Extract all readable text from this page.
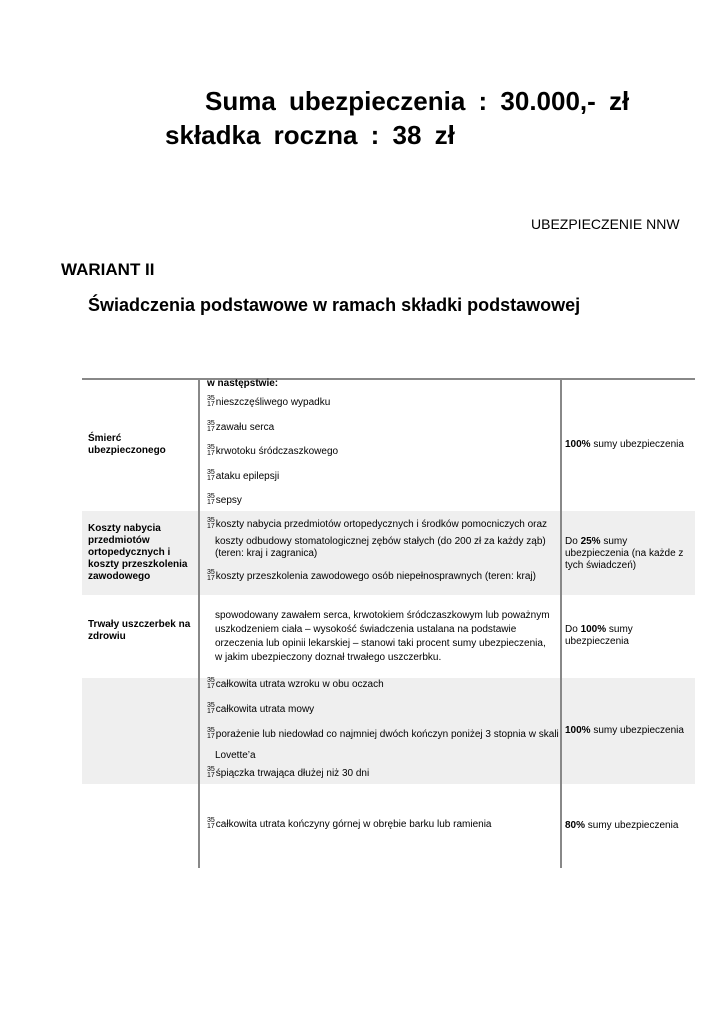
Suma ubezpieczenia : 30.000,- zł
składka roczna : 38 zł
UBEZPIECZENIE NNW
WARIANT II
Świadczenia podstawowe w ramach składki podstawowej
Śmierć ubezpieczonego
w następstwie:
35
17 nieszczęśliwego wypadku
35
17 zawału serca
35
17 krwotoku śródczaszkowego
35
17 ataku epilepsji
35
17 sepsy
100% sumy ubezpieczenia
Koszty nabycia przedmiotów ortopedycznych i koszty przeszkolenia zawodowego
35
17 koszty nabycia przedmiotów ortopedycznych i środków pomocniczych oraz
koszty odbudowy stomatologicznej zębów stałych (do 200 zł za każdy ząb)
(teren: kraj i zagranica)
35
17 koszty przeszkolenia zawodowego osób niepełnosprawnych (teren: kraj)
Do 25% sumy ubezpieczenia (na każde z tych świadczeń)
Trwały uszczerbek na zdrowiu
spowodowany zawałem serca, krwotokiem śródczaszkowym lub poważnym uszkodzeniem ciała – wysokość świadczenia ustalana na podstawie orzeczenia lub opinii lekarskiej – stanowi taki procent sumy ubezpieczenia, w jakim ubezpieczony doznał trwałego uszczerbku.
Do 100% sumy ubezpieczenia
35
17 całkowita utrata wzroku w obu oczach
35
17 całkowita utrata mowy
35
17 porażenie lub niedowład co najmniej dwóch kończyn poniżej 3 stopnia w skali
Lovette’a
35
17 śpiączka trwająca dłużej niż 30 dni
100% sumy ubezpieczenia
35
17 całkowita utrata kończyny górnej w obrębie barku lub ramienia	80% sumy ubezpieczenia
